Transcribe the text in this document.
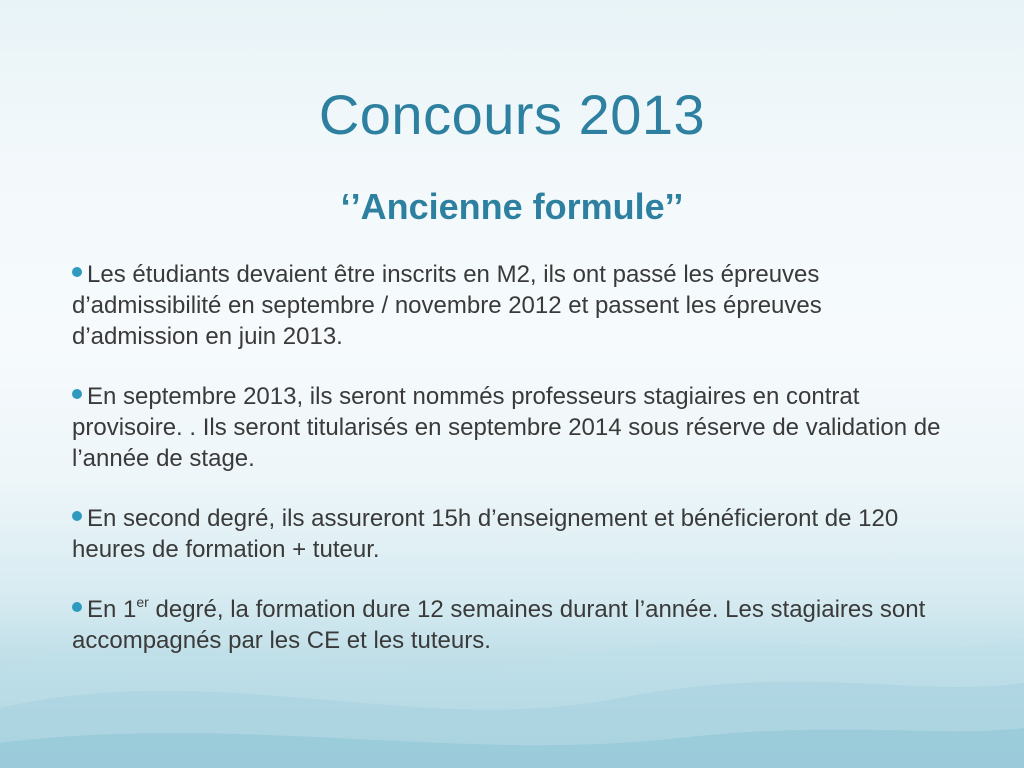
Concours 2013
‘’Ancienne formule’’
Les étudiants devaient être inscrits en M2, ils ont passé les épreuves d’admissibilité en septembre / novembre 2012 et passent les épreuves d’admission en juin 2013.
En septembre 2013, ils seront nommés professeurs stagiaires en contrat provisoire. . Ils seront titularisés en septembre 2014 sous réserve de validation de l’année de stage.
En second degré, ils assureront 15h d’enseignement et bénéficieront de 120 heures de formation + tuteur.
En 1er degré, la formation dure 12 semaines durant l’année. Les stagiaires sont accompagnés par les CE et les tuteurs.
